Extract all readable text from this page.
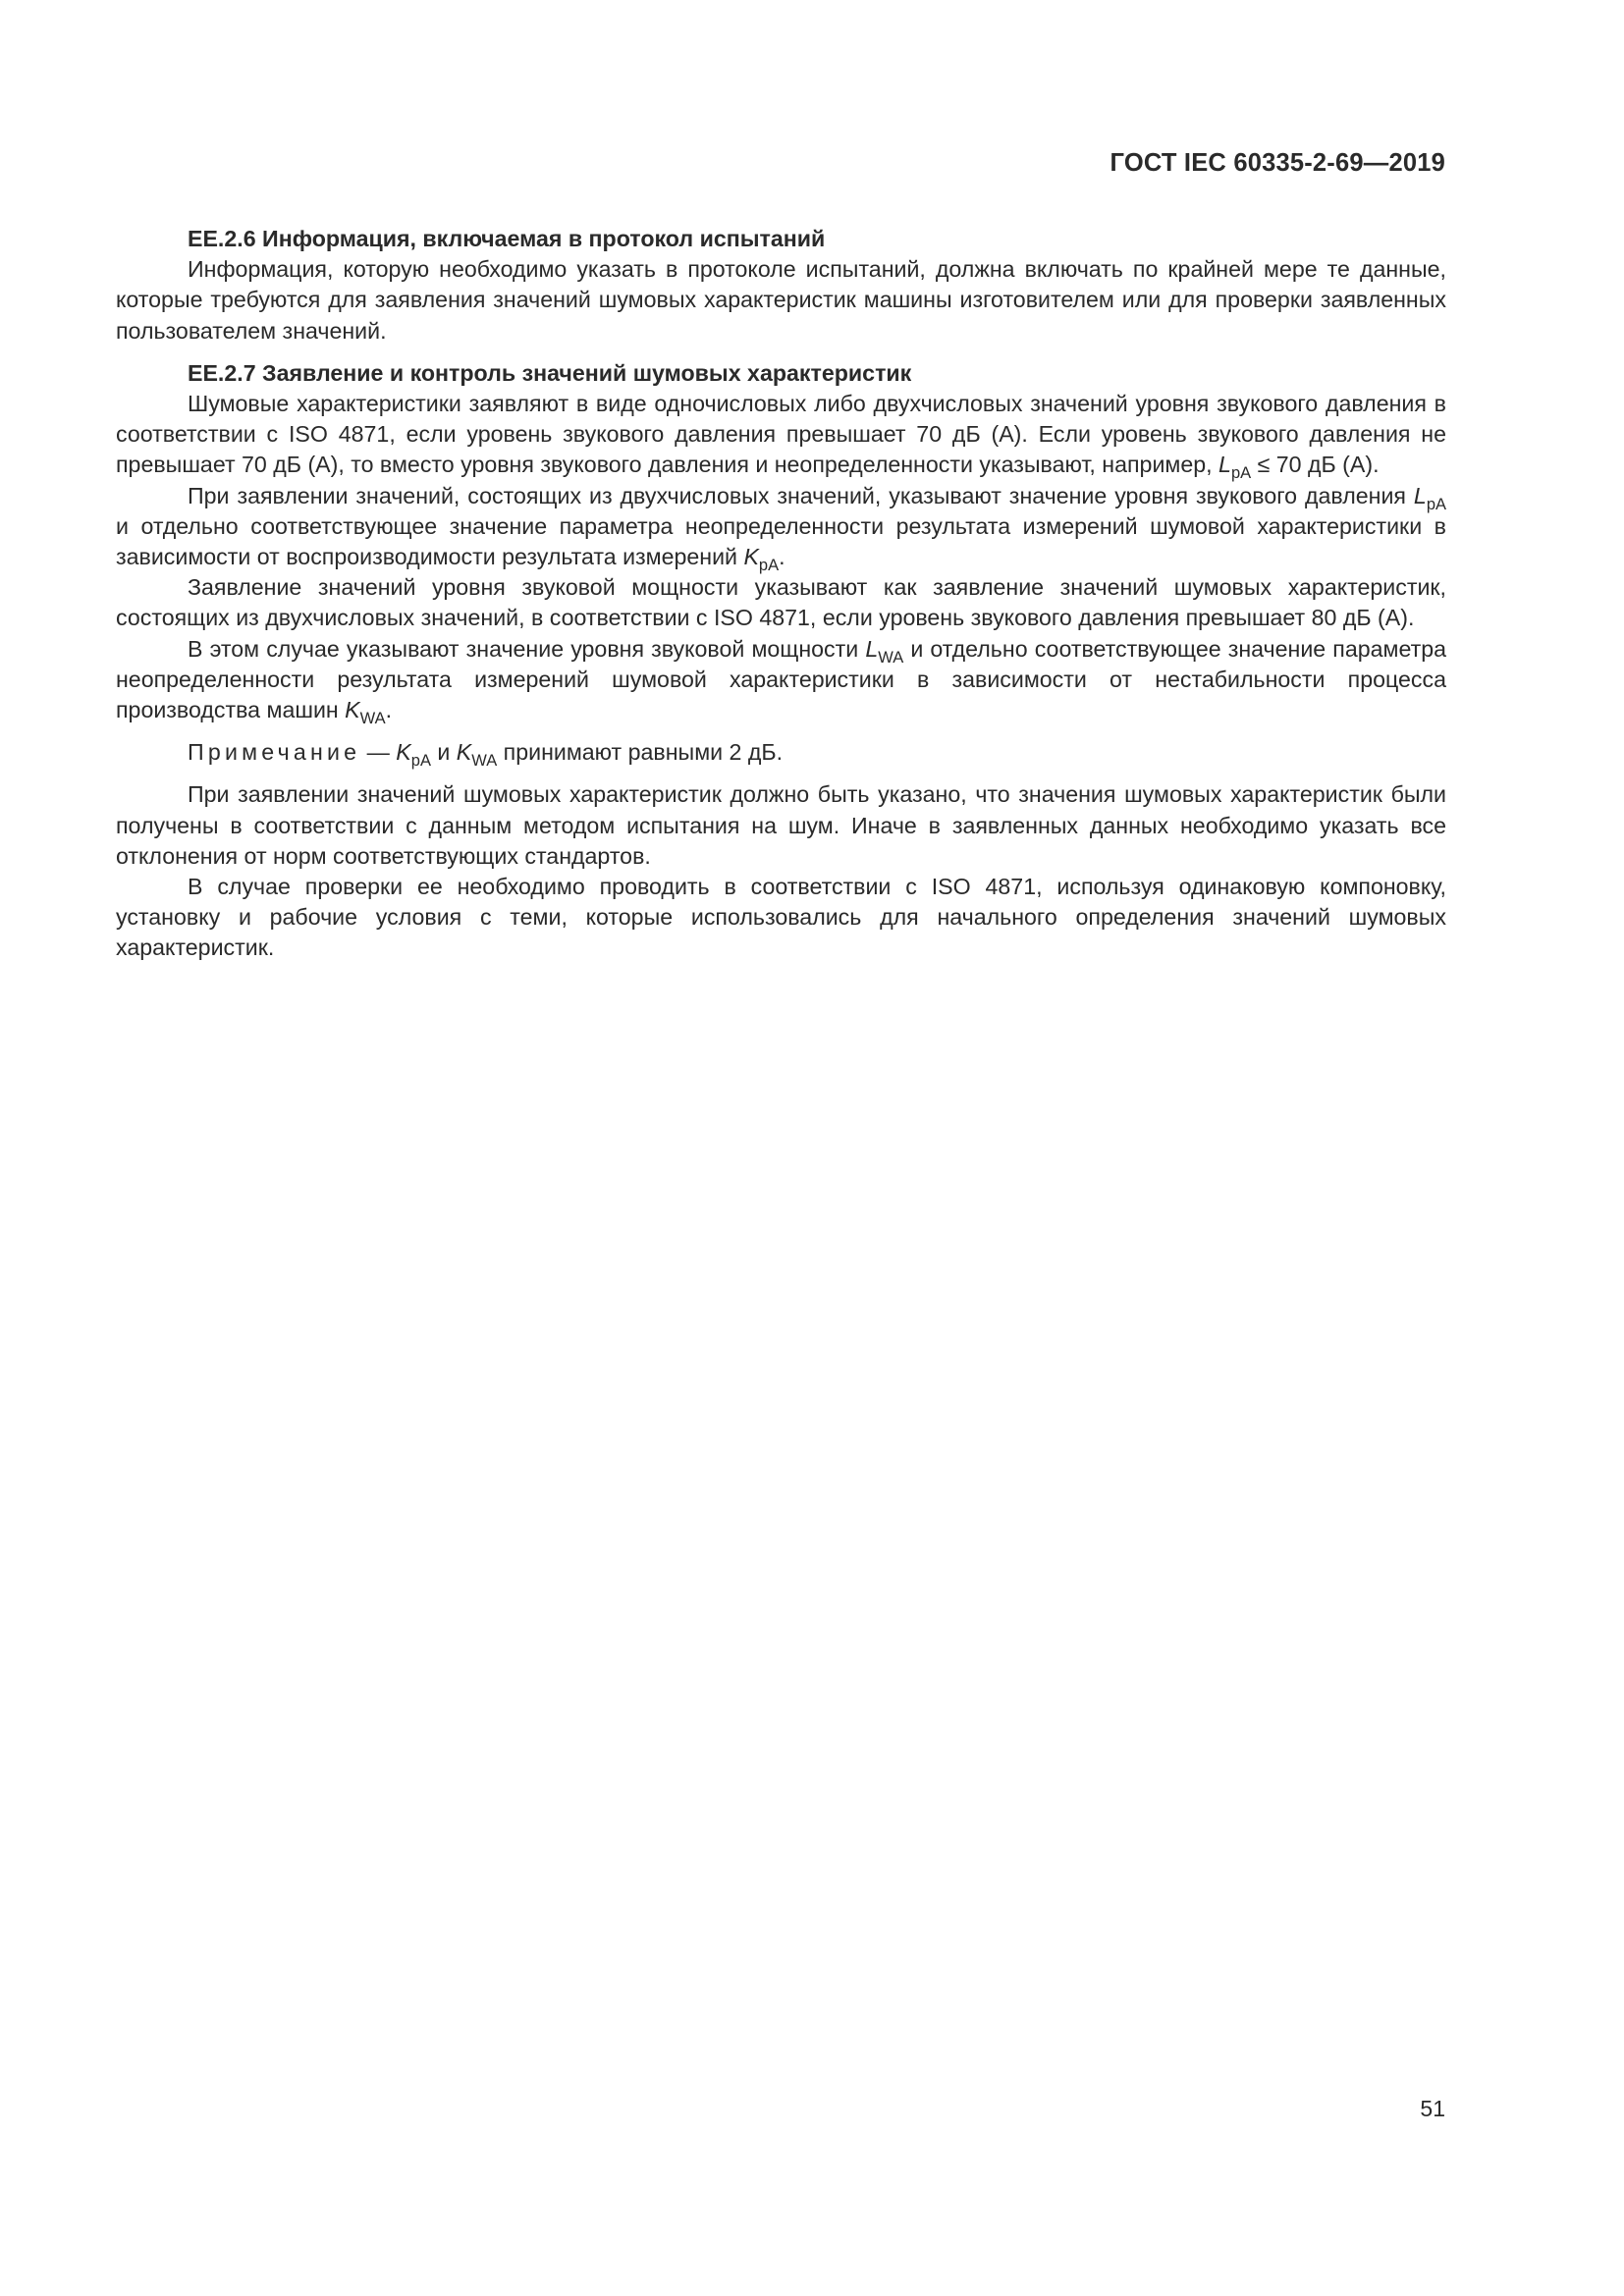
ГОСТ IEC 60335-2-69—2019

EE.2.6 Информация, включаемая в протокол испытаний

Информация, которую необходимо указать в протоколе испытаний, должна включать по крайней мере те данные, которые требуются для заявления значений шумовых характеристик машины изготовителем или для проверки заявленных пользователем значений.

EE.2.7 Заявление и контроль значений шумовых характеристик

Шумовые характеристики заявляют в виде одночисловых либо двухчисловых значений уровня звукового давления в соответствии с ISO 4871, если уровень звукового давления превышает 70 дБ (А). Если уровень звукового давления не превышает 70 дБ (А), то вместо уровня звукового давления и неопределенности указывают, например, $L_{pA} \le 70$ дБ (А).

При заявлении значений, состоящих из двухчисловых значений, указывают значение уровня звукового давления $L_{pA}$ и отдельно соответствующее значение параметра неопределенности результата измерений шумовой характеристики в зависимости от воспроизводимости результата измерений $K_{pA}$.

Заявление значений уровня звуковой мощности указывают как заявление значений шумовых характеристик, состоящих из двухчисловых значений, в соответствии с ISO 4871, если уровень звукового давления превышает 80 дБ (А).

В этом случае указывают значение уровня звуковой мощности $L_{WA}$ и отдельно соответствующее значение параметра неопределенности результата измерений шумовой характеристики в зависимости от нестабильности процесса производства машин $K_{WA}$.

Примечание — $K_{pA}$ и $K_{WA}$ принимают равными 2 дБ.

При заявлении значений шумовых характеристик должно быть указано, что значения шумовых характеристик были получены в соответствии с данным методом испытания на шум. Иначе в заявленных данных необходимо указать все отклонения от норм соответствующих стандартов.

В случае проверки ее необходимо проводить в соответствии с ISO 4871, используя одинаковую компоновку, установку и рабочие условия с теми, которые использовались для начального определения значений шумовых характеристик.

51
